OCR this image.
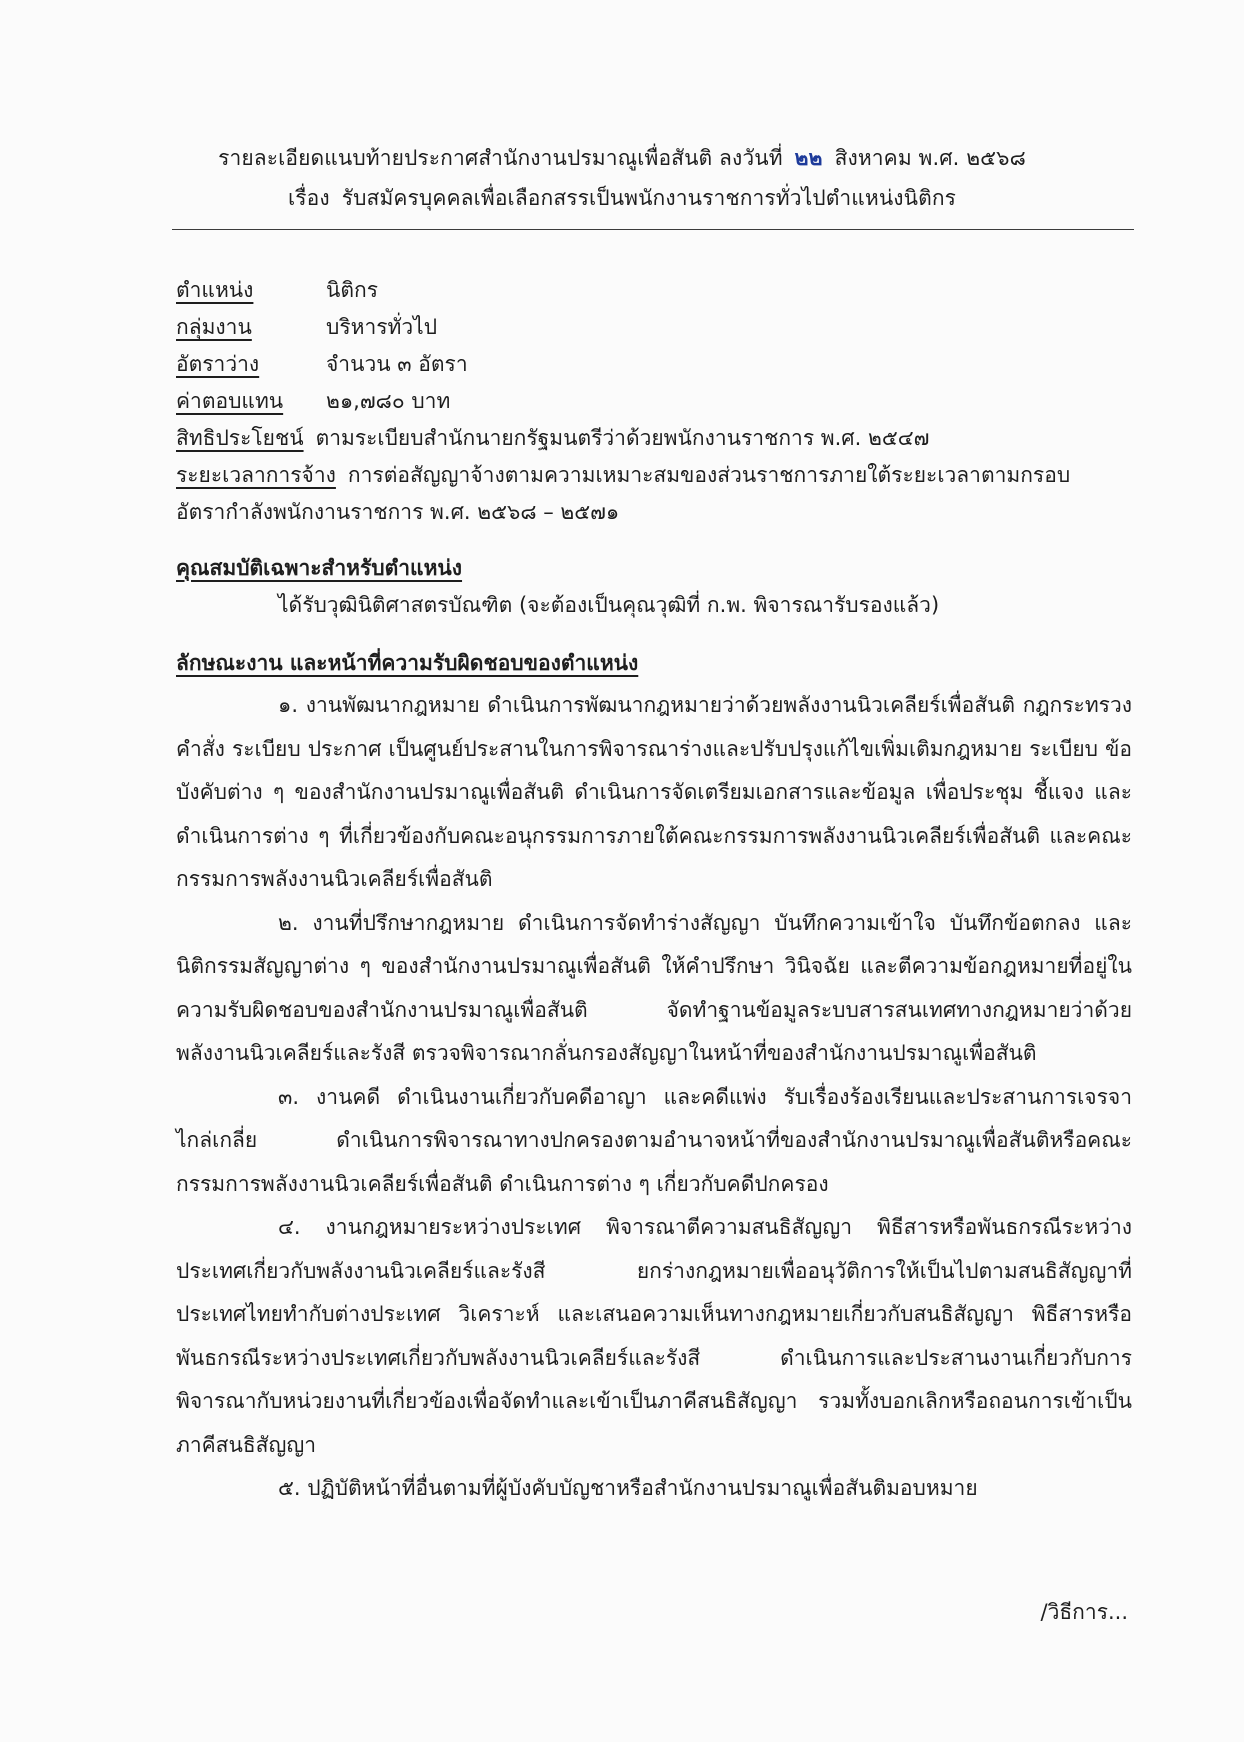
รายละเอียดแนบท้ายประกาศสำนักงานปรมาณูเพื่อสันติ ลงวันที่ ๒๒ สิงหาคม พ.ศ. ๒๕๖๘
เรื่อง รับสมัครบุคคลเพื่อเลือกสรรเป็นพนักงานราชการทั่วไปตำแหน่งนิติกร
ตำแหน่ง	นิติกร
กลุ่มงาน	บริหารทั่วไป
อัตราว่าง	จำนวน ๓ อัตรา
ค่าตอบแทน ๒๑,๗๘๐ บาท
สิทธิประโยชน์ ตามระเบียบสำนักนายกรัฐมนตรีว่าด้วยพนักงานราชการ พ.ศ. ๒๕๔๗
ระยะเวลาการจ้าง การต่อสัญญาจ้างตามความเหมาะสมของส่วนราชการภายใต้ระยะเวลาตามกรอบ
อัตรากำลังพนักงานราชการ พ.ศ. ๒๕๖๘ – ๒๕๗๑
คุณสมบัติเฉพาะสำหรับตำแหน่ง
ได้รับวุฒินิติศาสตรบัณฑิต (จะต้องเป็นคุณวุฒิที่ ก.พ. พิจารณารับรองแล้ว)
ลักษณะงาน และหน้าที่ความรับผิดชอบของตำแหน่ง
๑. งานพัฒนากฎหมาย ดำเนินการพัฒนากฎหมายว่าด้วยพลังงานนิวเคลียร์เพื่อสันติ กฎกระทรวง คำสั่ง ระเบียบ ประกาศ เป็นศูนย์ประสานในการพิจารณาร่างและปรับปรุงแก้ไขเพิ่มเติมกฎหมาย ระเบียบ ข้อบังคับต่าง ๆ ของสำนักงานปรมาณูเพื่อสันติ ดำเนินการจัดเตรียมเอกสารและข้อมูล เพื่อประชุม ชี้แจง และดำเนินการต่าง ๆ ที่เกี่ยวข้องกับคณะอนุกรรมการภายใต้คณะกรรมการพลังงานนิวเคลียร์เพื่อสันติ และคณะกรรมการพลังงานนิวเคลียร์เพื่อสันติ
๒. งานที่ปรึกษากฎหมาย ดำเนินการจัดทำร่างสัญญา บันทึกความเข้าใจ บันทึกข้อตกลง และนิติกรรมสัญญาต่าง ๆ ของสำนักงานปรมาณูเพื่อสันติ ให้คำปรึกษา วินิจฉัย และตีความข้อกฎหมายที่อยู่ในความรับผิดชอบของสำนักงานปรมาณูเพื่อสันติ จัดทำฐานข้อมูลระบบสารสนเทศทางกฎหมายว่าด้วยพลังงานนิวเคลียร์และรังสี ตรวจพิจารณากลั่นกรองสัญญาในหน้าที่ของสำนักงานปรมาณูเพื่อสันติ
๓. งานคดี ดำเนินงานเกี่ยวกับคดีอาญา และคดีแพ่ง รับเรื่องร้องเรียนและประสานการเจรจา ไกล่เกลี่ย ดำเนินการพิจารณาทางปกครองตามอำนาจหน้าที่ของสำนักงานปรมาณูเพื่อสันติหรือคณะกรรมการพลังงานนิวเคลียร์เพื่อสันติ ดำเนินการต่าง ๆ เกี่ยวกับคดีปกครอง
๔. งานกฎหมายระหว่างประเทศ พิจารณาตีความสนธิสัญญา พิธีสารหรือพันธกรณีระหว่างประเทศเกี่ยวกับพลังงานนิวเคลียร์และรังสี ยกร่างกฎหมายเพื่ออนุวัติการให้เป็นไปตามสนธิสัญญาที่ประเทศไทยทำกับต่างประเทศ วิเคราะห์ และเสนอความเห็นทางกฎหมายเกี่ยวกับสนธิสัญญา พิธีสารหรือพันธกรณีระหว่างประเทศเกี่ยวกับพลังงานนิวเคลียร์และรังสี ดำเนินการและประสานงานเกี่ยวกับการพิจารณากับหน่วยงานที่เกี่ยวข้องเพื่อจัดทำและเข้าเป็นภาคีสนธิสัญญา รวมทั้งบอกเลิกหรือถอนการเข้าเป็นภาคีสนธิสัญญา
๕. ปฏิบัติหน้าที่อื่นตามที่ผู้บังคับบัญชาหรือสำนักงานปรมาณูเพื่อสันติมอบหมาย
/วิธีการ...
